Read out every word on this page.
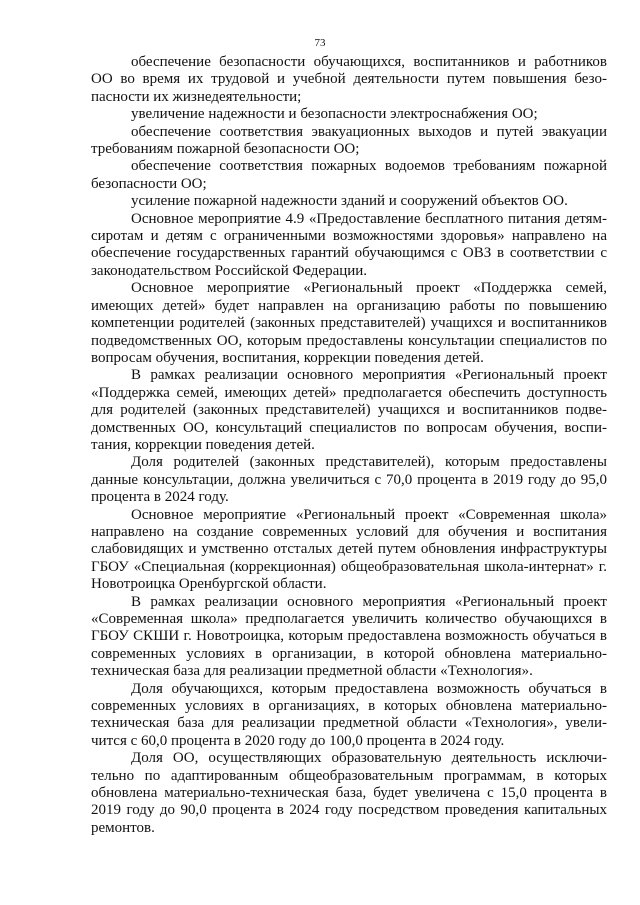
73

обеспечение безопасности обучающихся, воспитанников и работников ОО во время их трудовой и учебной деятельности путем повышения безопасности их жизнедеятельности;

увеличение надежности и безопасности электроснабжения ОО;

обеспечение соответствия эвакуационных выходов и путей эвакуации требованиям пожарной безопасности ОО;

обеспечение соответствия пожарных водоемов требованиям пожарной безопасности ОО;

усиление пожарной надежности зданий и сооружений объектов ОО.

Основное мероприятие 4.9 «Предоставление бесплатного питания детям-сиротам и детям с ограниченными возможностями здоровья» направлено на обеспечение государственных гарантий обучающимся с ОВЗ в соответствии с законодательством Российской Федерации.

Основное мероприятие «Региональный проект «Поддержка семей, имеющих детей» будет направлен на организацию работы по повышению компетенции родителей (законных представителей) учащихся и воспитанников подведомственных ОО, которым предоставлены консультации специалистов по вопросам обучения, воспитания, коррекции поведения детей.

В рамках реализации основного мероприятия «Региональный проект «Поддержка семей, имеющих детей» предполагается обеспечить доступность для родителей (законных представителей) учащихся и воспитанников подведомственных ОО, консультаций специалистов по вопросам обучения, воспитания, коррекции поведения детей.

Доля родителей (законных представителей), которым предоставлены данные консультации, должна увеличиться с 70,0 процента в 2019 году до 95,0 процента в 2024 году.

Основное мероприятие «Региональный проект «Современная школа» направлено на создание современных условий для обучения и воспитания слабовидящих и умственно отсталых детей путем обновления инфраструктуры ГБОУ «Специальная (коррекционная) общеобразовательная школа-интернат» г. Новотроицка Оренбургской области.

В рамках реализации основного мероприятия «Региональный проект «Современная школа» предполагается увеличить количество обучающихся в ГБОУ СКШИ г. Новотроицка, которым предоставлена возможность обучаться в современных условиях в организации, в которой обновлена материально-техническая база для реализации предметной области «Технология».

Доля обучающихся, которым предоставлена возможность обучаться в современных условиях в организациях, в которых обновлена материально-техническая база для реализации предметной области «Технология», увеличится с 60,0 процента в 2020 году до 100,0 процента в 2024 году.

Доля ОО, осуществляющих образовательную деятельность исключительно по адаптированным общеобразовательным программам, в которых обновлена материально-техническая база, будет увеличена с 15,0 процента в 2019 году до 90,0 процента в 2024 году посредством проведения капитальных ремонтов.
